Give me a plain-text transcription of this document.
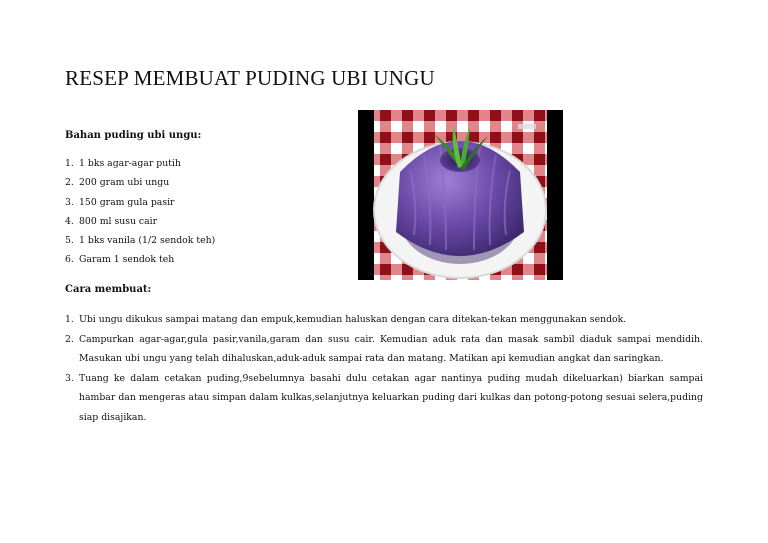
RESEP MEMBUAT PUDING UBI UNGU
Bahan puding ubi ungu:
1. 1 bks agar-agar putih
2. 200 gram ubi ungu
3. 150 gram gula pasir
4. 800 ml susu cair
5. 1 bks vanila (1/2 sendok teh)
6. Garam 1 sendok teh
Cara membuat:
1. Ubi ungu dikukus sampai matang dan empuk,kemudian haluskan dengan cara ditekan-tekan menggunakan sendok.
2. Campurkan agar-agar,gula pasir,vanila,garam dan susu cair. Kemudian aduk rata dan masak sambil diaduk sampai mendidih. Masukan ubi ungu yang telah dihaluskan,aduk-aduk sampai rata dan matang. Matikan api kemudian angkat dan saringkan.
3. Tuang ke dalam cetakan puding,9sebelumnya basahi dulu cetakan agar nantinya puding mudah dikeluarkan) biarkan sampai hambar dan mengeras atau simpan dalam kulkas,selanjutnya keluarkan puding dari kulkas dan potong-potong sesuai selera,puding siap disajikan.
